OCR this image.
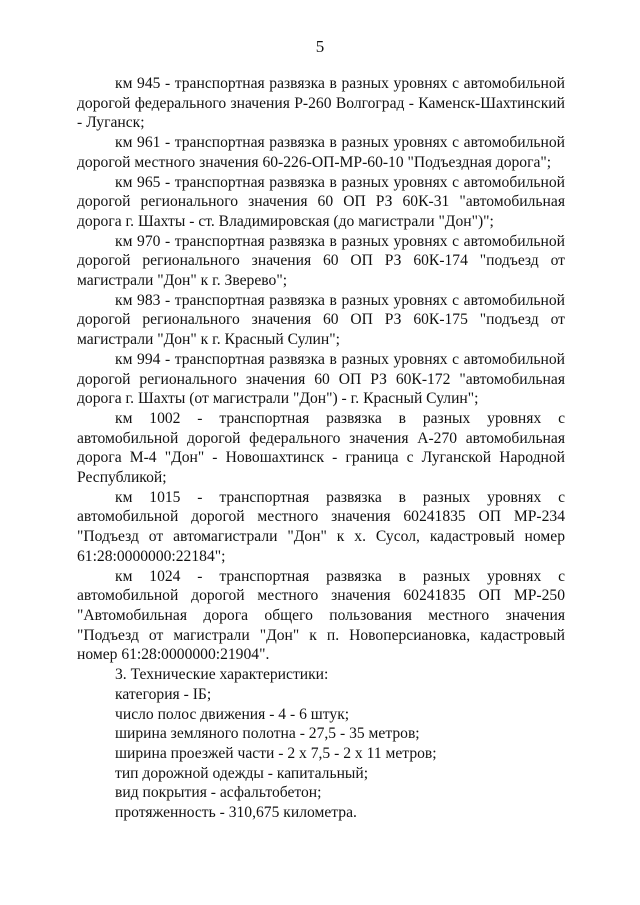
5

км 945 - транспортная развязка в разных уровнях с автомобильной дорогой федерального значения Р-260 Волгоград - Каменск-Шахтинский - Луганск;

км 961 - транспортная развязка в разных уровнях с автомобильной дорогой местного значения 60-226-ОП-МР-60-10 "Подъездная дорога";

км 965 - транспортная развязка в разных уровнях с автомобильной дорогой регионального значения 60 ОП РЗ 60К-31 "автомобильная дорога г. Шахты - ст. Владимировская (до магистрали "Дон")";

км 970 - транспортная развязка в разных уровнях с автомобильной дорогой регионального значения 60 ОП РЗ 60К-174 "подъезд от магистрали "Дон" к г. Зверево";

км 983 - транспортная развязка в разных уровнях с автомобильной дорогой регионального значения 60 ОП РЗ 60К-175 "подъезд от магистрали "Дон" к г. Красный Сулин";

км 994 - транспортная развязка в разных уровнях с автомобильной дорогой регионального значения 60 ОП РЗ 60К-172 "автомобильная дорога г. Шахты (от магистрали "Дон") - г. Красный Сулин";

км 1002 - транспортная развязка в разных уровнях с автомобильной дорогой федерального значения А-270 автомобильная дорога М-4 "Дон" - Новошахтинск - граница с Луганской Народной Республикой;

км 1015 - транспортная развязка в разных уровнях с автомобильной дорогой местного значения 60241835 ОП МР-234 "Подъезд от автомагистрали "Дон" к х. Сусол, кадастровый номер 61:28:0000000:22184";

км 1024 - транспортная развязка в разных уровнях с автомобильной дорогой местного значения 60241835 ОП МР-250 "Автомобильная дорога общего пользования местного значения "Подъезд от магистрали "Дон" к п. Новоперсиановка, кадастровый номер 61:28:0000000:21904".

3. Технические характеристики:

категория - IБ;

число полос движения - 4 - 6 штук;

ширина земляного полотна - 27,5 - 35 метров;

ширина проезжей части - 2 х 7,5 - 2 х 11 метров;

тип дорожной одежды - капитальный;

вид покрытия - асфальтобетон;

протяженность - 310,675 километра.
